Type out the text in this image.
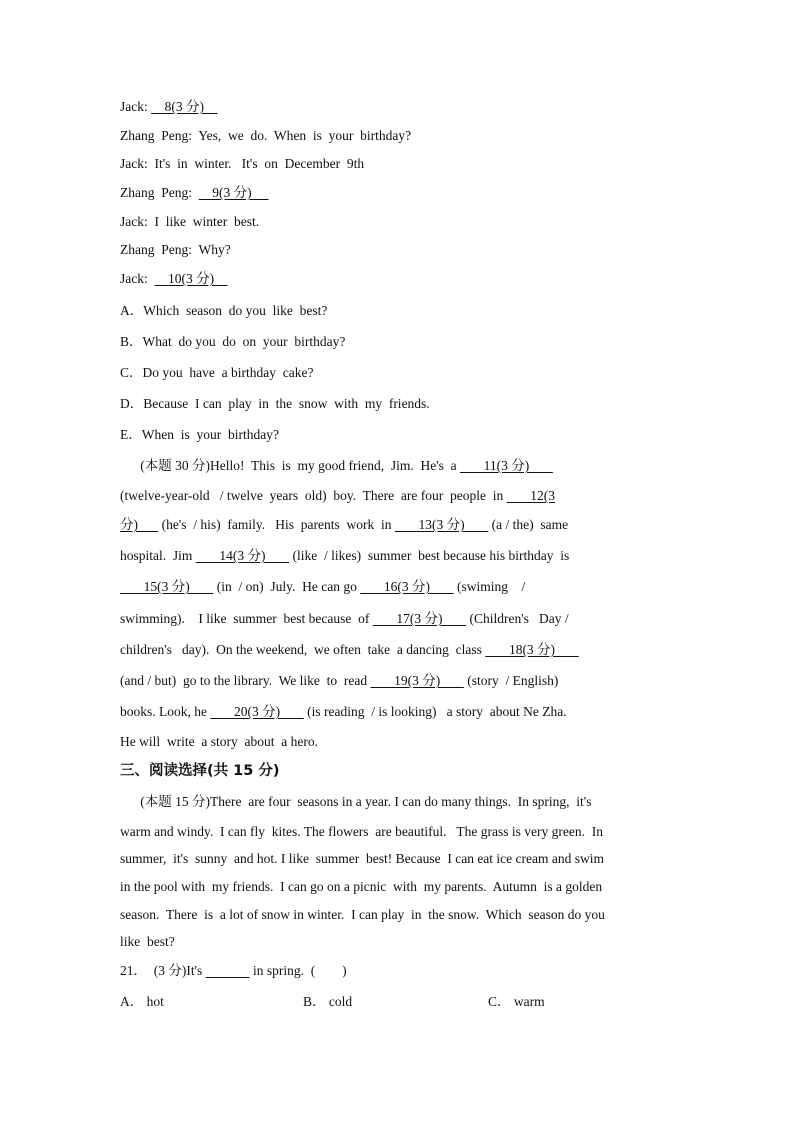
Jack:     8(3 分)
Zhang  Peng:  Yes,  we  do.  When  is  your  birthday?
Jack:  It's  in  winter.   It's  on  December  9th
Zhang  Peng:      9(3 分)
Jack:  I  like  winter  best.
Zhang  Peng:  Why?
Jack:      10(3 分)
A．Which  season  do you  like  best?
B．What  do you  do  on  your  birthday?
C．Do you  have  a birthday  cake?
D．Because  I can  play  in  the  snow  with  my  friends.
E．When  is  your  birthday?
(本题 30 分)Hello!  This  is  my good friend,  Jim.  He's  a        11(3 分)
(twelve-year-old   / twelve  years  old)  boy.  There  are four  people  in        12(3
分)       (he's  / his)  family.   His  parents  work  in        13(3 分)        (a / the)  same
hospital.  Jim        14(3 分)        (like  / likes)  summer  best because his birthday  is
15(3 分)        (in  / on)  July.  He can go        16(3 分)        (swiming    /
swimming).    I like  summer  best because  of        17(3 分)        (Children's   Day /
children's   day).  On the weekend,  we often  take  a dancing  class        18(3 分)
(and / but)  go to the library.  We like  to  read        19(3 分)        (story  / English)
books. Look, he        20(3 分)        (is reading  / is looking)   a story  about Ne Zha.
He will  write  a story  about  a hero.
三、阅读选择(共 15 分)
(本题 15 分)There  are four  seasons in a year. I can do many things.  In spring,  it's
warm and windy.  I can fly  kites. The flowers  are beautiful.   The grass is very green.  In
summer,  it's  sunny  and hot. I like  summer  best! Because  I can eat ice cream and swim
in the pool with  my friends.  I can go on a picnic  with  my parents.  Autumn  is a golden
season.  There  is  a lot of snow in winter.  I can play  in  the snow.  Which  season do you
like  best?
21．  (3 分)It's	in spring.  (        )
A． hot	B． cold	C． warm
